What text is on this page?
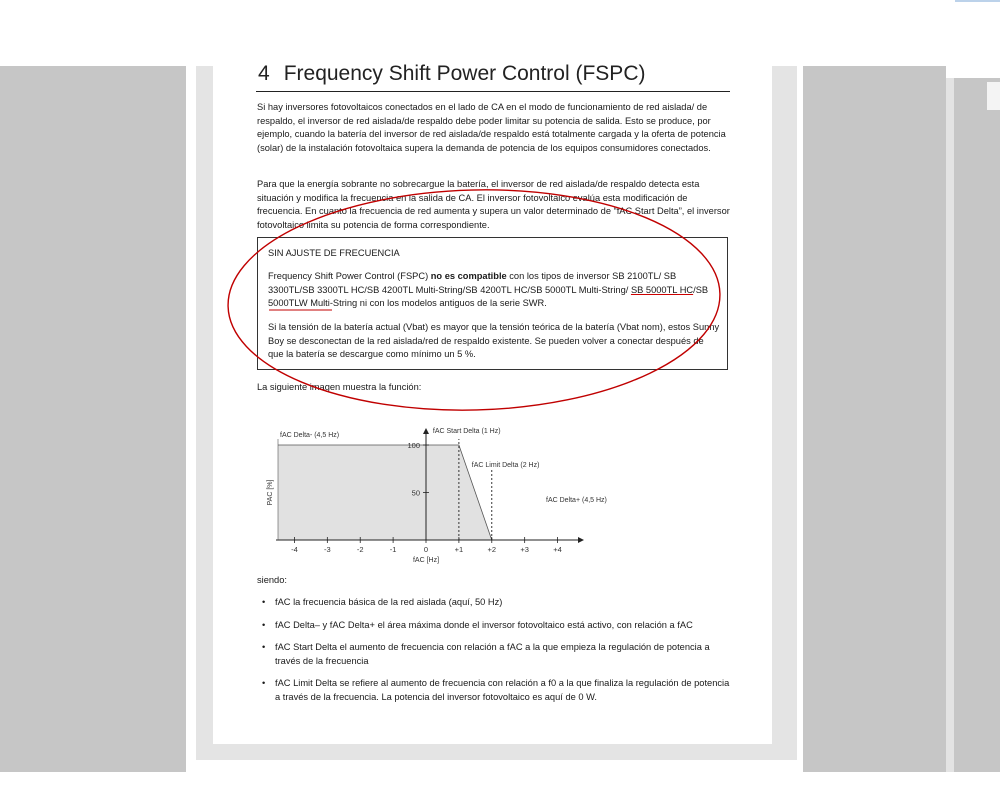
4 Frequency Shift Power Control (FSPC)
Si hay inversores fotovoltaicos conectados en el lado de CA en el modo de funcionamiento de red aislada/ de respaldo, el inversor de red aislada/de respaldo debe poder limitar su potencia de salida. Esto se produce, por ejemplo, cuando la batería del inversor de red aislada/de respaldo está totalmente cargada y la oferta de potencia (solar) de la instalación fotovoltaica supera la demanda de potencia de los equipos consumidores conectados.
Para que la energía sobrante no sobrecargue la batería, el inversor de red aislada/de respaldo detecta esta situación y modifica la frecuencia en la salida de CA. El inversor fotovoltaico evalúa esta modificación de frecuencia. En cuanto la frecuencia de red aumenta y supera un valor determinado de “fAC Start Delta”, el inversor fotovoltaico limita su potencia de forma correspondiente.
SIN AJUSTE DE FRECUENCIA
Frequency Shift Power Control (FSPC) no es compatible con los tipos de inversor SB 2100TL/ SB 3300TL/SB 3300TL HC/SB 4200TL Multi-String/SB 4200TL HC/SB 5000TL Multi-String/ SB 5000TL HC/SB 5000TLW Multi-String ni con los modelos antiguos de la serie SWR.
Si la tensión de la batería actual (Vbat) es mayor que la tensión teórica de la batería (Vbat nom), estos Sunny Boy se desconectan de la red aislada/red de respaldo existente. Se pueden volver a conectar después de que la batería se descargue como mínimo un 5 %.
La siguiente imagen muestra la función:
-4	-3	-2	-1	0	+1	+2	+3	+4
50
100
fAC [Hz]
PAC [%]
fAC Delta- (4,5 Hz)
fAC Start Delta (1 Hz)
fAC Limit Delta (2 Hz)
fAC Delta+ (4,5 Hz)
siendo:
• fAC la frecuencia básica de la red aislada (aquí, 50 Hz)
• fAC Delta– y fAC Delta+ el área máxima donde el inversor fotovoltaico está activo, con relación a fAC
• fAC Start Delta el aumento de frecuencia con relación a fAC a la que empieza la regulación de potencia a través de la frecuencia
• fAC Limit Delta se refiere al aumento de frecuencia con relación a f0 a la que finaliza la regulación de potencia a través de la frecuencia. La potencia del inversor fotovoltaico es aquí de 0 W.
